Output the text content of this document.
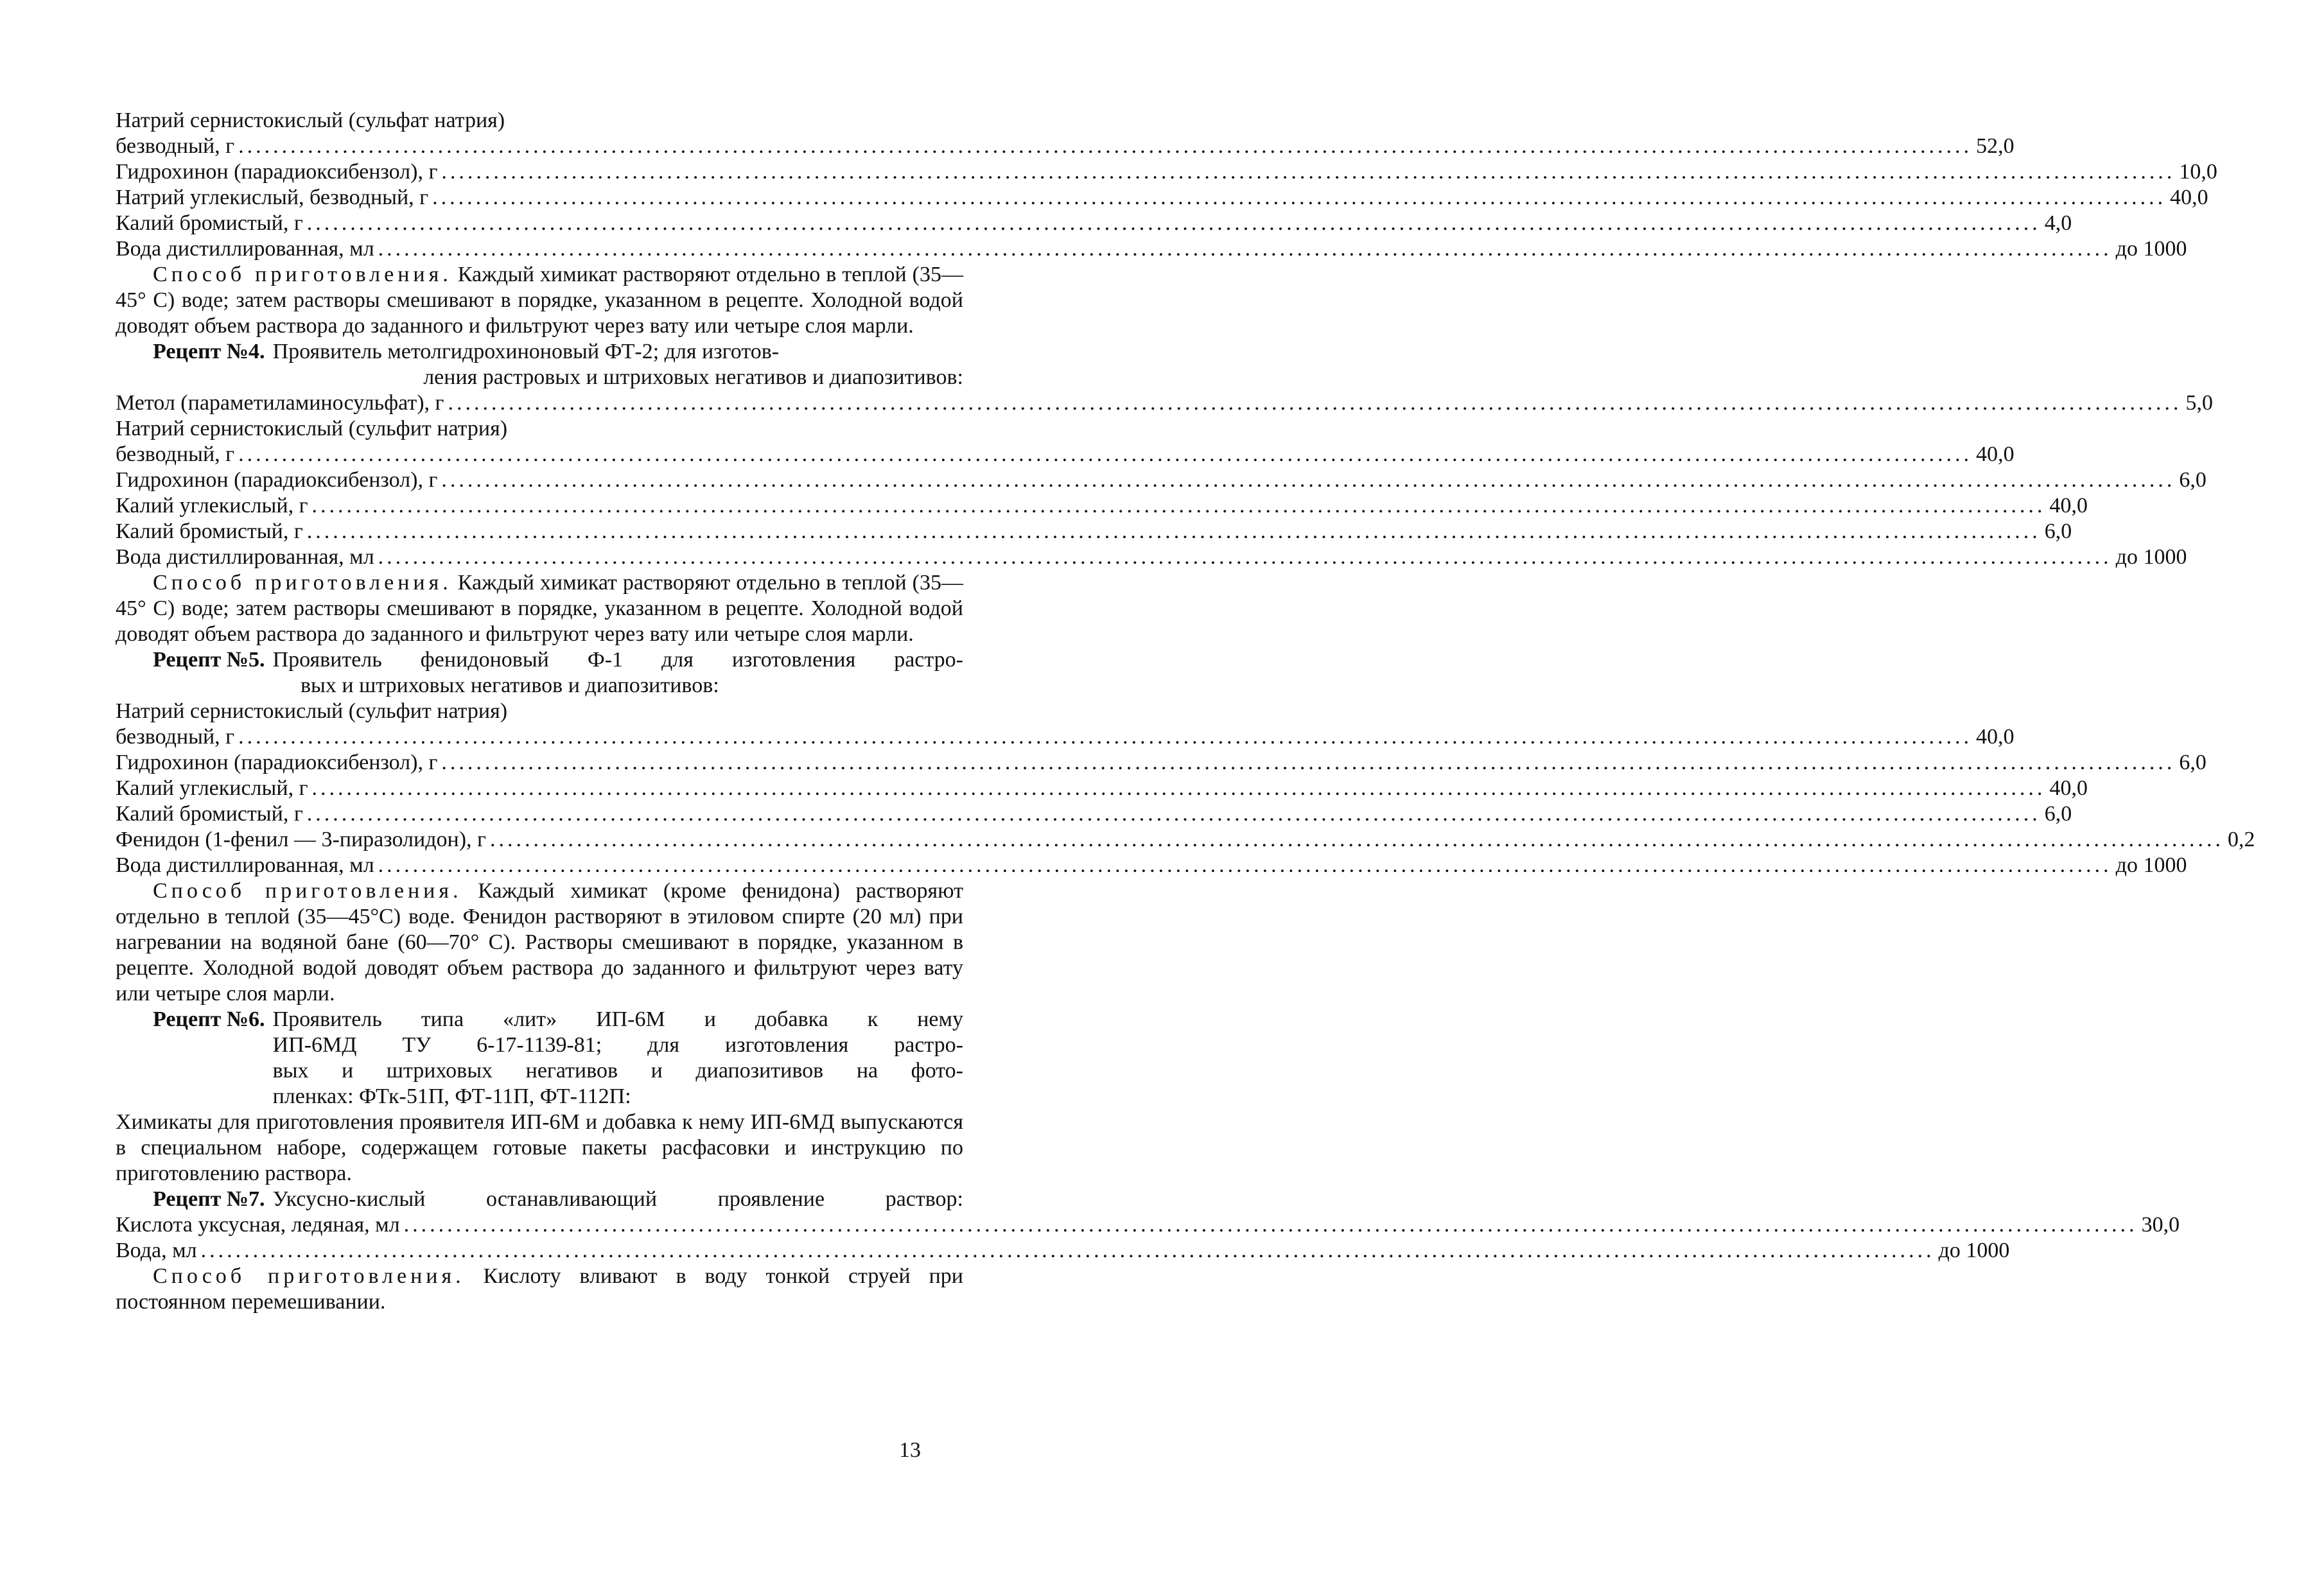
Натрий сернистокислый (сульфат натрия)
безводный, г ........................................................................................................................................................................................................ 52,0
Гидрохинон (парадиоксибензол), г ........................................................................................................................................................................................................ 10,0
Натрий углекислый, безводный, г ........................................................................................................................................................................................................ 40,0
Калий бромистый, г ........................................................................................................................................................................................................ 4,0
Вода дистиллированная, мл ........................................................................................................................................................................................................ до 1000

Способ приготовления. Каждый химикат растворяют отдельно в теплой (35—45° С) воде; затем растворы смешивают в порядке, указанном в рецепте. Холодной водой доводят объем раствора до заданного и фильтруют через вату или четыре слоя марли.

Рецепт №4. Проявитель метолгидрохиноновый ФТ-2; для изготов-
ления растровых и штриховых негативов и диапозитивов:
Метол (параметиламиносульфат), г ........................................................................................................................................................................................................ 5,0
Натрий сернистокислый (сульфит натрия)
безводный, г ........................................................................................................................................................................................................ 40,0
Гидрохинон (парадиоксибензол), г ........................................................................................................................................................................................................ 6,0
Калий углекислый, г ........................................................................................................................................................................................................ 40,0
Калий бромистый, г ........................................................................................................................................................................................................ 6,0
Вода дистиллированная, мл ........................................................................................................................................................................................................ до 1000

Способ приготовления. Каждый химикат растворяют отдельно в теплой (35—45° С) воде; затем растворы смешивают в порядке, указанном в рецепте. Холодной водой доводят объем раствора до заданного и фильтруют через вату или четыре слоя марли.

Рецепт №5. Проявитель фенидоновый Ф-1 для изготовления растро-
вых и штриховых негативов и диапозитивов:
Натрий сернистокислый (сульфит натрия)
безводный, г ........................................................................................................................................................................................................ 40,0
Гидрохинон (парадиоксибензол), г ........................................................................................................................................................................................................ 6,0
Калий углекислый, г ........................................................................................................................................................................................................ 40,0
Калий бромистый, г ........................................................................................................................................................................................................ 6,0
Фенидон (1-фенил — 3-пиразолидон), г ........................................................................................................................................................................................................ 0,2
Вода дистиллированная, мл ........................................................................................................................................................................................................ до 1000

Способ приготовления. Каждый химикат (кроме фенидона) растворяют отдельно в теплой (35—45°С) воде. Фенидон растворяют в этиловом спирте (20 мл) при нагревании на водяной бане (60—70° С). Растворы смешивают в порядке, указанном в рецепте. Холодной водой доводят объем раствора до заданного и фильтруют через вату или четыре слоя марли.

Рецепт №6. Проявитель типа «лит» ИП-6М и добавка к нему
ИП-6МД ТУ 6-17-1139-81; для изготовления растро-
вых и штриховых негативов и диапозитивов на фото-
пленках: ФТк-51П, ФТ-11П, ФТ-112П:

Химикаты для приготовления проявителя ИП-6М и добавка к нему ИП-6МД выпускаются в специальном наборе, содержащем готовые пакеты расфасовки и инструкцию по приготовлению раствора.

Рецепт №7. Уксусно-кислый останавливающий проявление раствор:
Кислота уксусная, ледяная, мл ........................................................................................................................................................................................................ 30,0
Вода, мл ........................................................................................................................................................................................................ до 1000

Способ приготовления. Кислоту вливают в воду тонкой струей при постоянном перемешивании.

13
